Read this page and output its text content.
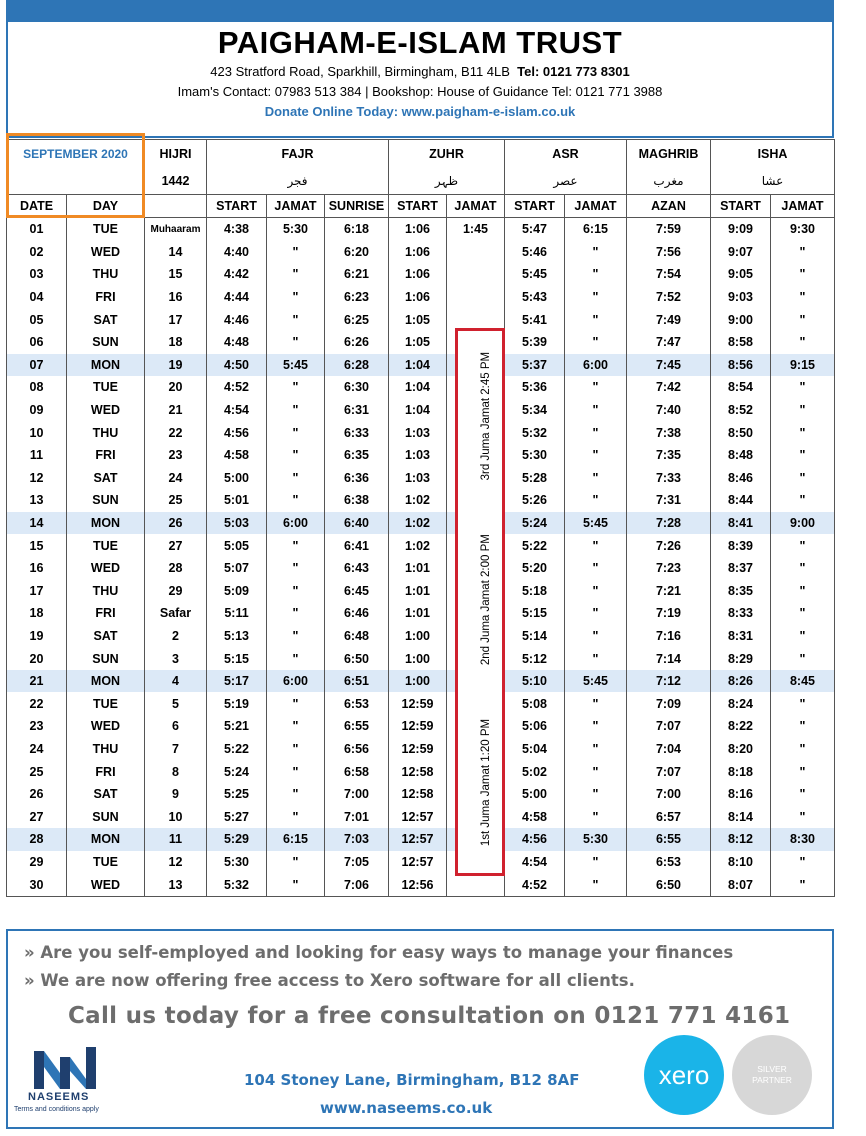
PAIGHAM-E-ISLAM TRUST
423 Stratford Road, Sparkhill, Birmingham, B11 4LB Tel: 0121 773 8301
Imam's Contact: 07983 513 384 | Bookshop: House of Guidance Tel: 0121 771 3988
Donate Online Today: www.paigham-e-islam.co.uk
SEPTEMBER 2020		HIJRI	FAJR			ZUHR		ASR		MAGHRIB	ISHA	
		1442	فجر			ظہر		عصر		مغرب	عشا	
DATE	DAY		START	JAMAT	SUNRISE	START	JAMAT	START	JAMAT	AZAN	START	JAMAT
01	TUE	Muhaaram	4:38	5:30	6:18	1:06	1:45	5:47	6:15	7:59	9:09	9:30
02	WED	14	4:40	"	6:20	1:06		5:46	"	7:56	9:07	"
03	THU	15	4:42	"	6:21	1:06		5:45	"	7:54	9:05	"
04	FRI	16	4:44	"	6:23	1:06		5:43	"	7:52	9:03	"
05	SAT	17	4:46	"	6:25	1:05		5:41	"	7:49	9:00	"
06	SUN	18	4:48	"	6:26	1:05		5:39	"	7:47	8:58	"
07	MON	19	4:50	5:45	6:28	1:04		5:37	6:00	7:45	8:56	9:15
08	TUE	20	4:52	"	6:30	1:04		5:36	"	7:42	8:54	"
09	WED	21	4:54	"	6:31	1:04		5:34	"	7:40	8:52	"
10	THU	22	4:56	"	6:33	1:03		5:32	"	7:38	8:50	"
11	FRI	23	4:58	"	6:35	1:03		5:30	"	7:35	8:48	"
12	SAT	24	5:00	"	6:36	1:03		5:28	"	7:33	8:46	"
13	SUN	25	5:01	"	6:38	1:02		5:26	"	7:31	8:44	"
14	MON	26	5:03	6:00	6:40	1:02		5:24	5:45	7:28	8:41	9:00
15	TUE	27	5:05	"	6:41	1:02		5:22	"	7:26	8:39	"
16	WED	28	5:07	"	6:43	1:01		5:20	"	7:23	8:37	"
17	THU	29	5:09	"	6:45	1:01		5:18	"	7:21	8:35	"
18	FRI	Safar	5:11	"	6:46	1:01		5:15	"	7:19	8:33	"
19	SAT	2	5:13	"	6:48	1:00		5:14	"	7:16	8:31	"
20	SUN	3	5:15	"	6:50	1:00		5:12	"	7:14	8:29	"
21	MON	4	5:17	6:00	6:51	1:00		5:10	5:45	7:12	8:26	8:45
22	TUE	5	5:19	"	6:53	12:59		5:08	"	7:09	8:24	"
23	WED	6	5:21	"	6:55	12:59		5:06	"	7:07	8:22	"
24	THU	7	5:22	"	6:56	12:59		5:04	"	7:04	8:20	"
25	FRI	8	5:24	"	6:58	12:58		5:02	"	7:07	8:18	"
26	SAT	9	5:25	"	7:00	12:58		5:00	"	7:00	8:16	"
27	SUN	10	5:27	"	7:01	12:57		4:58	"	6:57	8:14	"
28	MON	11	5:29	6:15	7:03	12:57		4:56	5:30	6:55	8:12	8:30
29	TUE	12	5:30	"	7:05	12:57		4:54	"	6:53	8:10	"
30	WED	13	5:32	"	7:06	12:56		4:52	"	6:50	8:07	"
1st Juma Jamat 1:20 PM
2nd Juma Jamat 2:00 PM
3rd Juma Jamat 2:45 PM
» Are you self-employed and looking for easy ways to manage your finances
» We are now offering free access to Xero software for all clients.
Call us today for a free consultation on 0121 771 4161
NASEEMS
Terms and conditions apply
104 Stoney Lane, Birmingham, B12 8AF
www.naseems.co.uk
xero	SILVER
PARTNER
